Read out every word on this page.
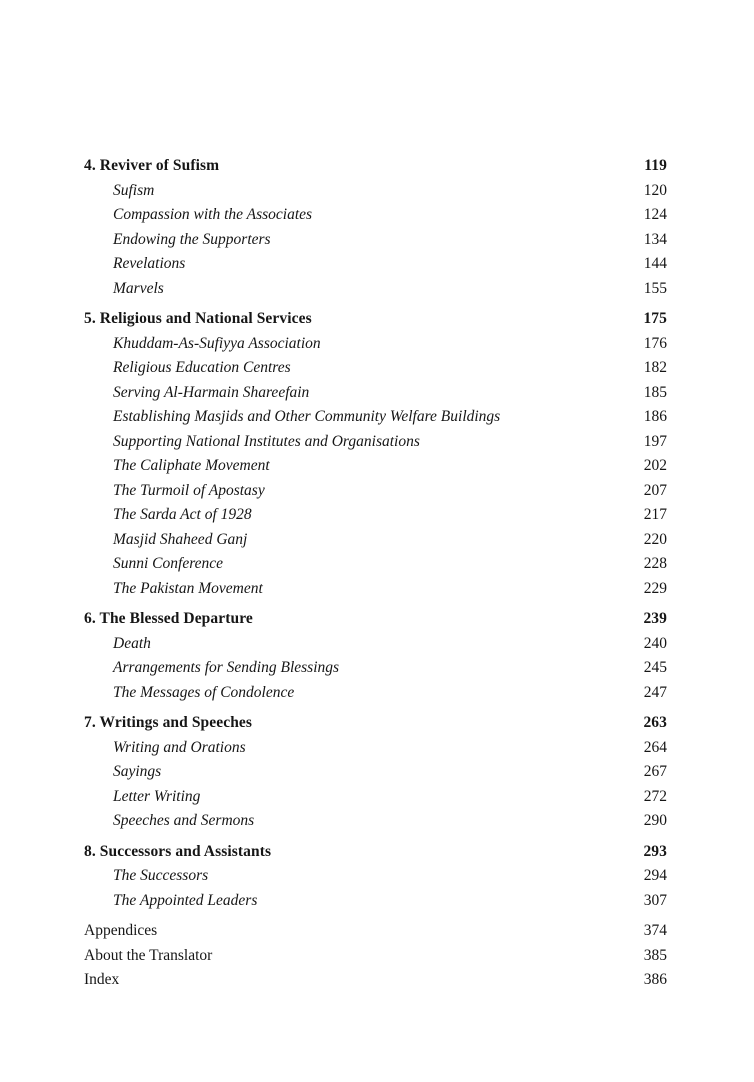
4. Reviver of Sufism	119
Sufism	120
Compassion with the Associates	124
Endowing the Supporters	134
Revelations	144
Marvels	155
5. Religious and National Services	175
Khuddam-As-Sufiyya Association	176
Religious Education Centres	182
Serving Al-Harmain Shareefain	185
Establishing Masjids and Other Community Welfare Buildings	186
Supporting National Institutes and Organisations	197
The Caliphate Movement	202
The Turmoil of Apostasy	207
The Sarda Act of 1928	217
Masjid Shaheed Ganj	220
Sunni Conference	228
The Pakistan Movement	229
6. The Blessed Departure	239
Death	240
Arrangements for Sending Blessings	245
The Messages of Condolence	247
7. Writings and Speeches	263
Writing and Orations	264
Sayings	267
Letter Writing	272
Speeches and Sermons	290
8. Successors and Assistants	293
The Successors	294
The Appointed Leaders	307
Appendices	374
About the Translator	385
Index	386
